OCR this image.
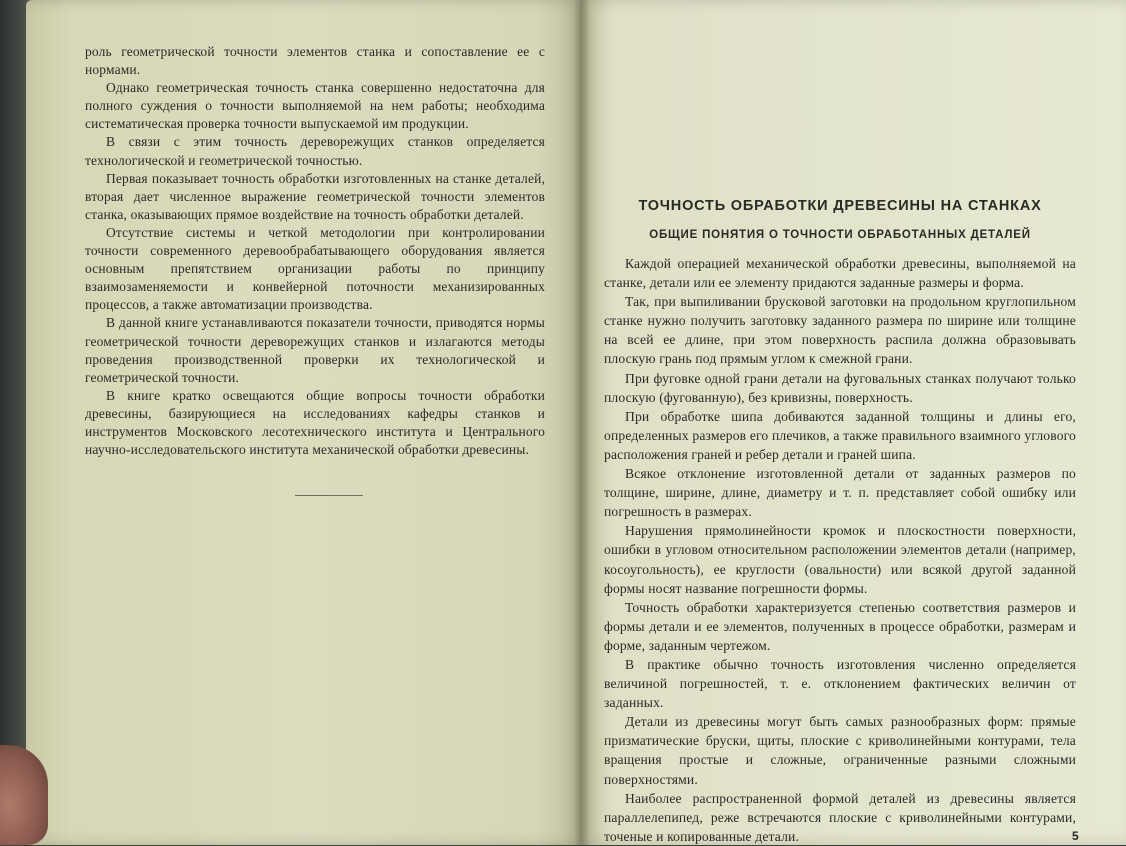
роль геометрической точности элементов станка и сопоставление ее с нормами.

Однако геометрическая точность станка совершенно недостаточна для полного суждения о точности выполняемой на нем работы; необходима систематическая проверка точности выпускаемой им продукции.

В связи с этим точность дереворежущих станков определяется технологической и геометрической точностью.

Первая показывает точность обработки изготовленных на станке деталей, вторая дает численное выражение геометрической точности элементов станка, оказывающих прямое воздействие на точность обработки деталей.

Отсутствие системы и четкой методологии при контролировании точности современного деревообрабатывающего оборудования является основным препятствием организации работы по принципу взаимозаменяемости и конвейерной поточности механизированных процессов, а также автоматизации производства.

В данной книге устанавливаются показатели точности, приводятся нормы геометрической точности дереворежущих станков и излагаются методы проведения производственной проверки их технологической и геометрической точности.

В книге кратко освещаются общие вопросы точности обработки древесины, базирующиеся на исследованиях кафедры станков и инструментов Московского лесотехнического института и Центрального научно-исследовательского института механической обработки древесины.

ТОЧНОСТЬ ОБРАБОТКИ ДРЕВЕСИНЫ НА СТАНКАХ
ОБЩИЕ ПОНЯТИЯ О ТОЧНОСТИ ОБРАБОТАННЫХ ДЕТАЛЕЙ

Каждой операцией механической обработки древесины, выполняемой на станке, детали или ее элементу придаются заданные размеры и форма.

Так, при выпиливании брусковой заготовки на продольном круглопильном станке нужно получить заготовку заданного размера по ширине или толщине на всей ее длине, при этом поверхность распила должна образовывать плоскую грань под прямым углом к смежной грани.

При фуговке одной грани детали на фуговальных станках получают только плоскую (фугованную), без кривизны, поверхность.

При обработке шипа добиваются заданной толщины и длины его, определенных размеров его плечиков, а также правильного взаимного углового расположения граней и ребер детали и граней шипа.

Всякое отклонение изготовленной детали от заданных размеров по толщине, ширине, длине, диаметру и т. п. представляет собой ошибку или погрешность в размерах.

Нарушения прямолинейности кромок и плоскостности поверхности, ошибки в угловом относительном расположении элементов детали (например, косоугольность), ее круглости (овальности) или всякой другой заданной формы носят название погрешности формы.

Точность обработки характеризуется степенью соответствия размеров и формы детали и ее элементов, полученных в процессе обработки, размерам и форме, заданным чертежом.

В практике обычно точность изготовления численно определяется величиной погрешностей, т. е. отклонением фактических величин от заданных.

Детали из древесины могут быть самых разнообразных форм: прямые призматические бруски, щиты, плоские с криволинейными контурами, тела вращения простые и сложные, ограниченные разными сложными поверхностями.

Наиболее распространенной формой деталей из древесины является параллелепипед, реже встречаются плоские с криволинейными контурами, точеные и копированные детали.	5
